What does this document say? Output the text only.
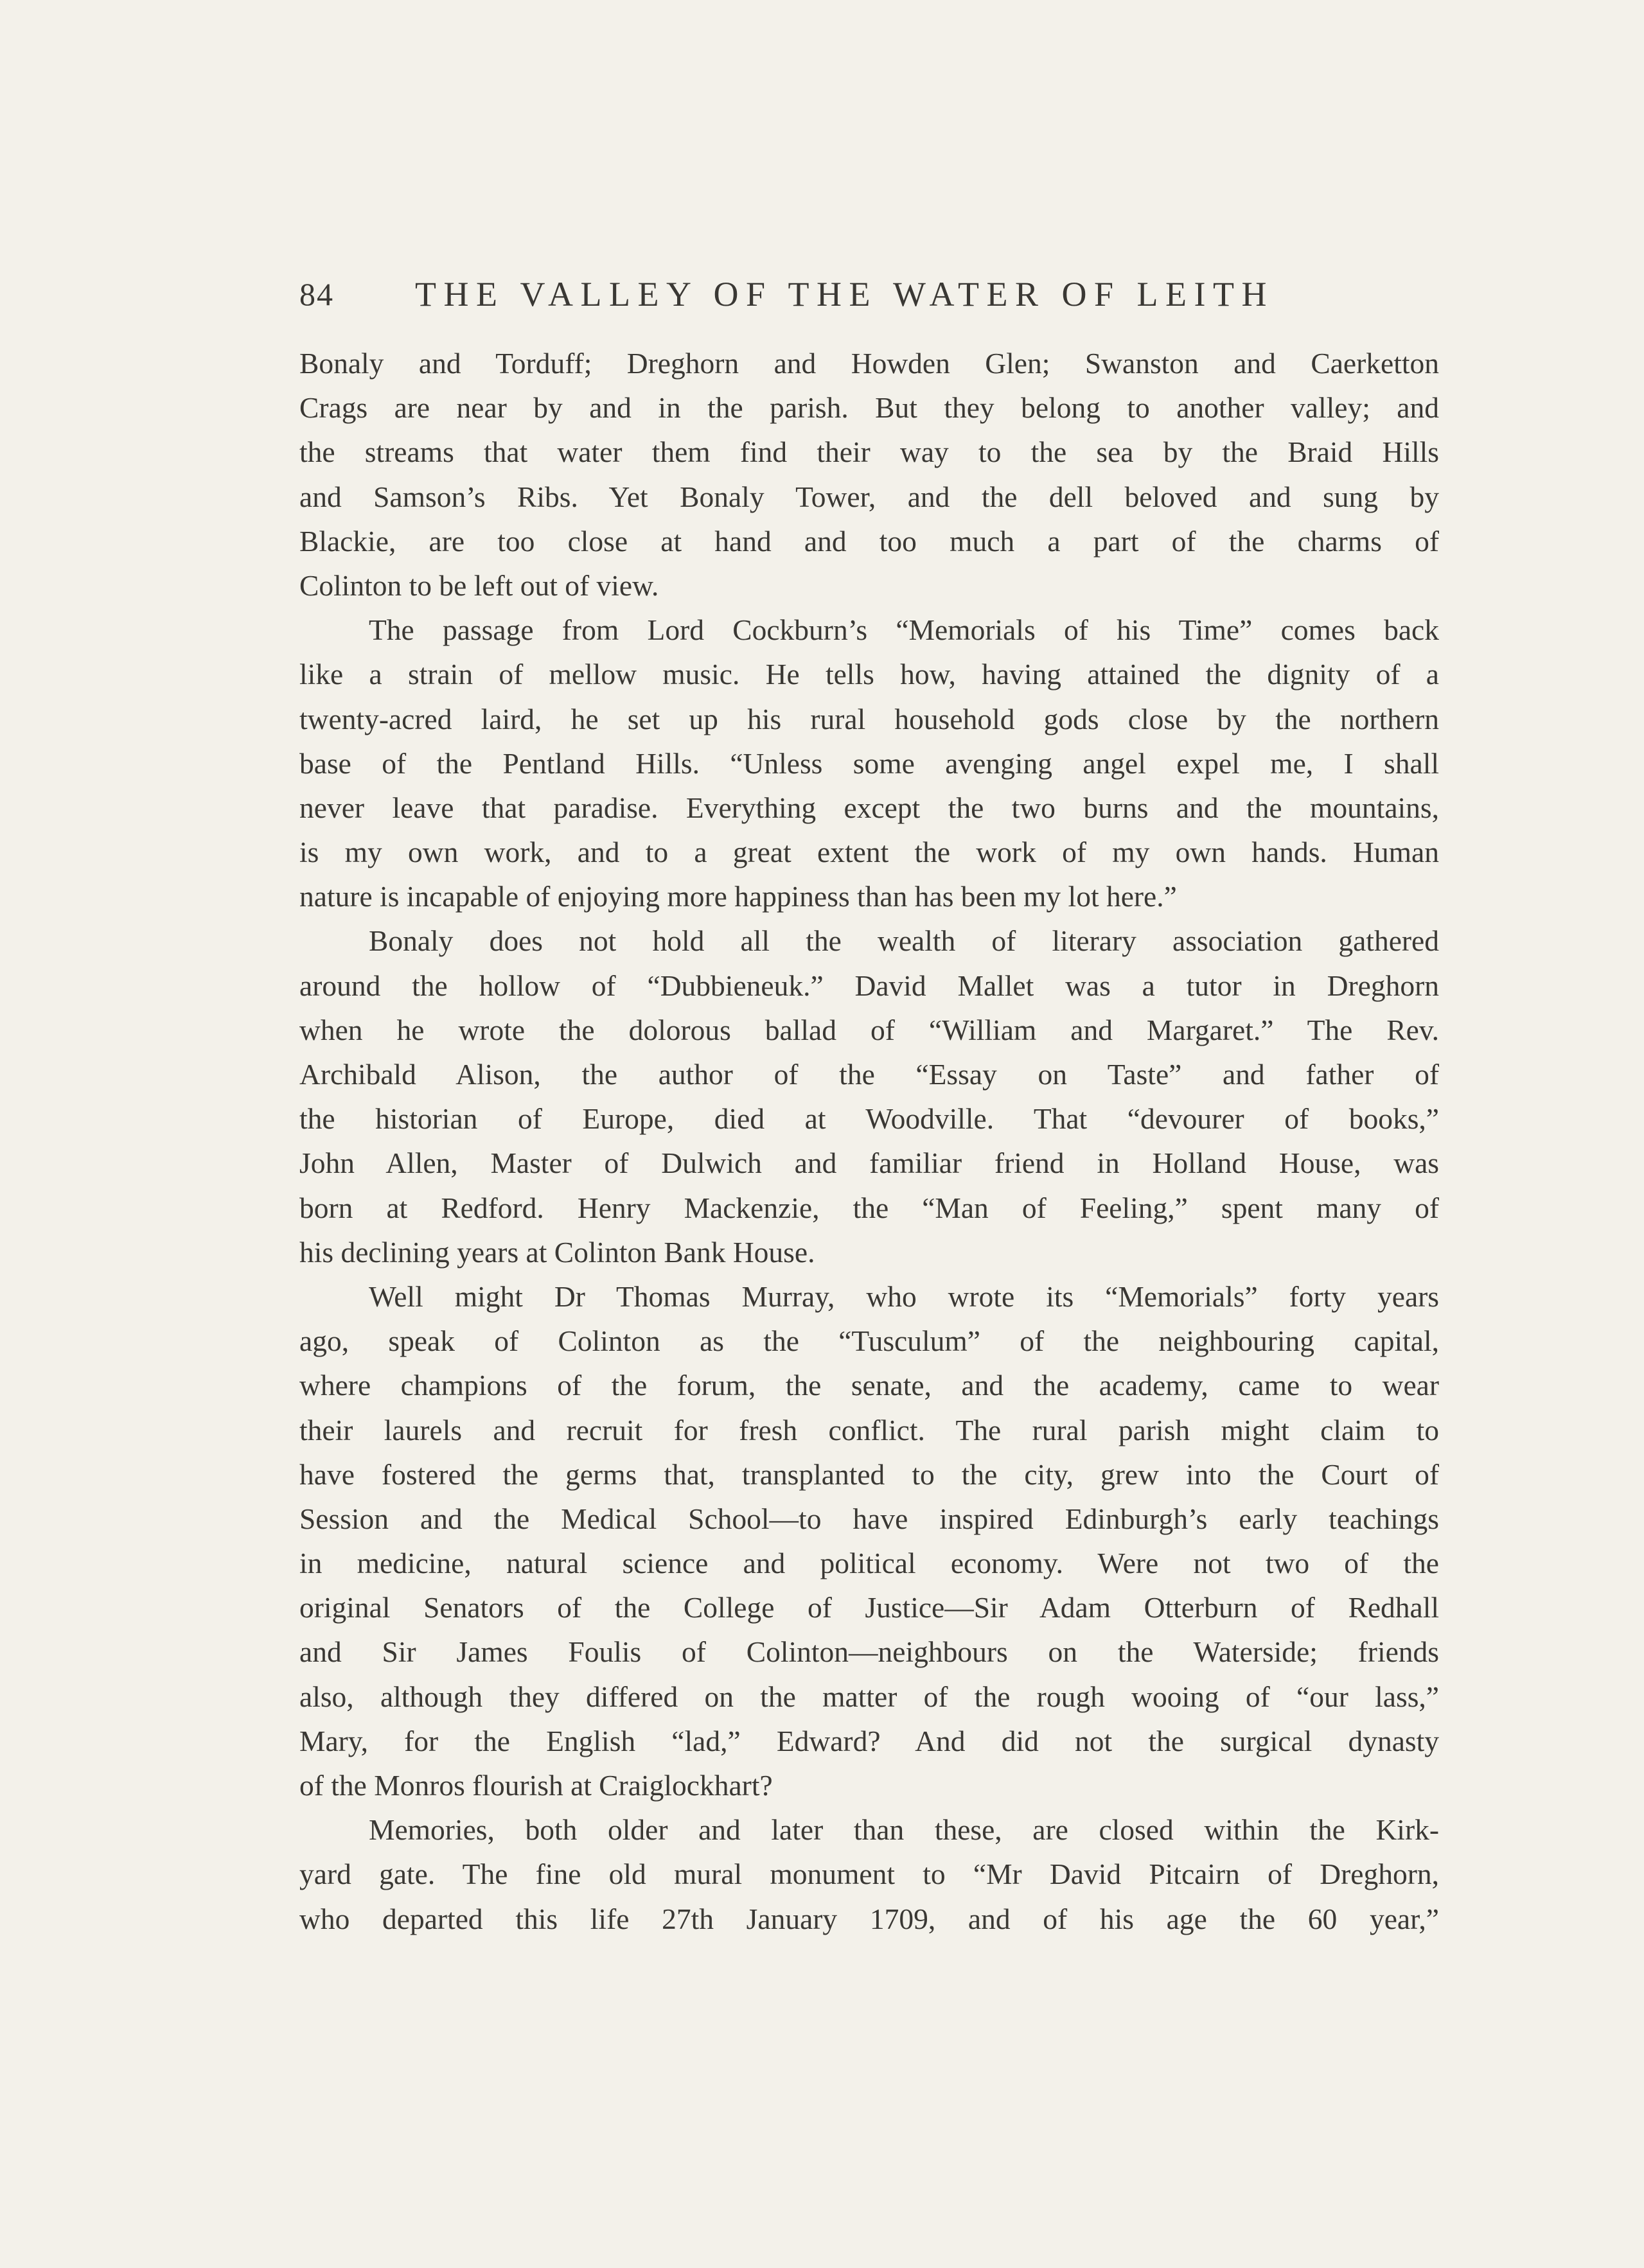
84 THE VALLEY OF THE WATER OF LEITH
Bonaly and Torduff; Dreghorn and Howden Glen; Swanston and Caerketton
Crags are near by and in the parish. But they belong to another valley; and
the streams that water them find their way to the sea by the Braid Hills
and Samson’s Ribs. Yet Bonaly Tower, and the dell beloved and sung by
Blackie, are too close at hand and too much a part of the charms of
Colinton to be left out of view.
The passage from Lord Cockburn’s “Memorials of his Time” comes back
like a strain of mellow music. He tells how, having attained the dignity of a
twenty-acred laird, he set up his rural household gods close by the northern
base of the Pentland Hills. “Unless some avenging angel expel me, I shall
never leave that paradise. Everything except the two burns and the mountains,
is my own work, and to a great extent the work of my own hands. Human
nature is incapable of enjoying more happiness than has been my lot here.”
Bonaly does not hold all the wealth of literary association gathered
around the hollow of “Dubbieneuk.” David Mallet was a tutor in Dreghorn
when he wrote the dolorous ballad of “William and Margaret.” The Rev.
Archibald Alison, the author of the “Essay on Taste” and father of
the historian of Europe, died at Woodville. That “devourer of books,”
John Allen, Master of Dulwich and familiar friend in Holland House, was
born at Redford. Henry Mackenzie, the “Man of Feeling,” spent many of
his declining years at Colinton Bank House.
Well might Dr Thomas Murray, who wrote its “Memorials” forty years
ago, speak of Colinton as the “Tusculum” of the neighbouring capital,
where champions of the forum, the senate, and the academy, came to wear
their laurels and recruit for fresh conflict. The rural parish might claim to
have fostered the germs that, transplanted to the city, grew into the Court of
Session and the Medical School—to have inspired Edinburgh’s early teachings
in medicine, natural science and political economy. Were not two of the
original Senators of the College of Justice—Sir Adam Otterburn of Redhall
and Sir James Foulis of Colinton—neighbours on the Waterside; friends
also, although they differed on the matter of the rough wooing of “our lass,”
Mary, for the English “lad,” Edward? And did not the surgical dynasty
of the Monros flourish at Craiglockhart?
Memories, both older and later than these, are closed within the Kirk-
yard gate. The fine old mural monument to “Mr David Pitcairn of Dreghorn,
who departed this life 27th January 1709, and of his age the 60 year,”
